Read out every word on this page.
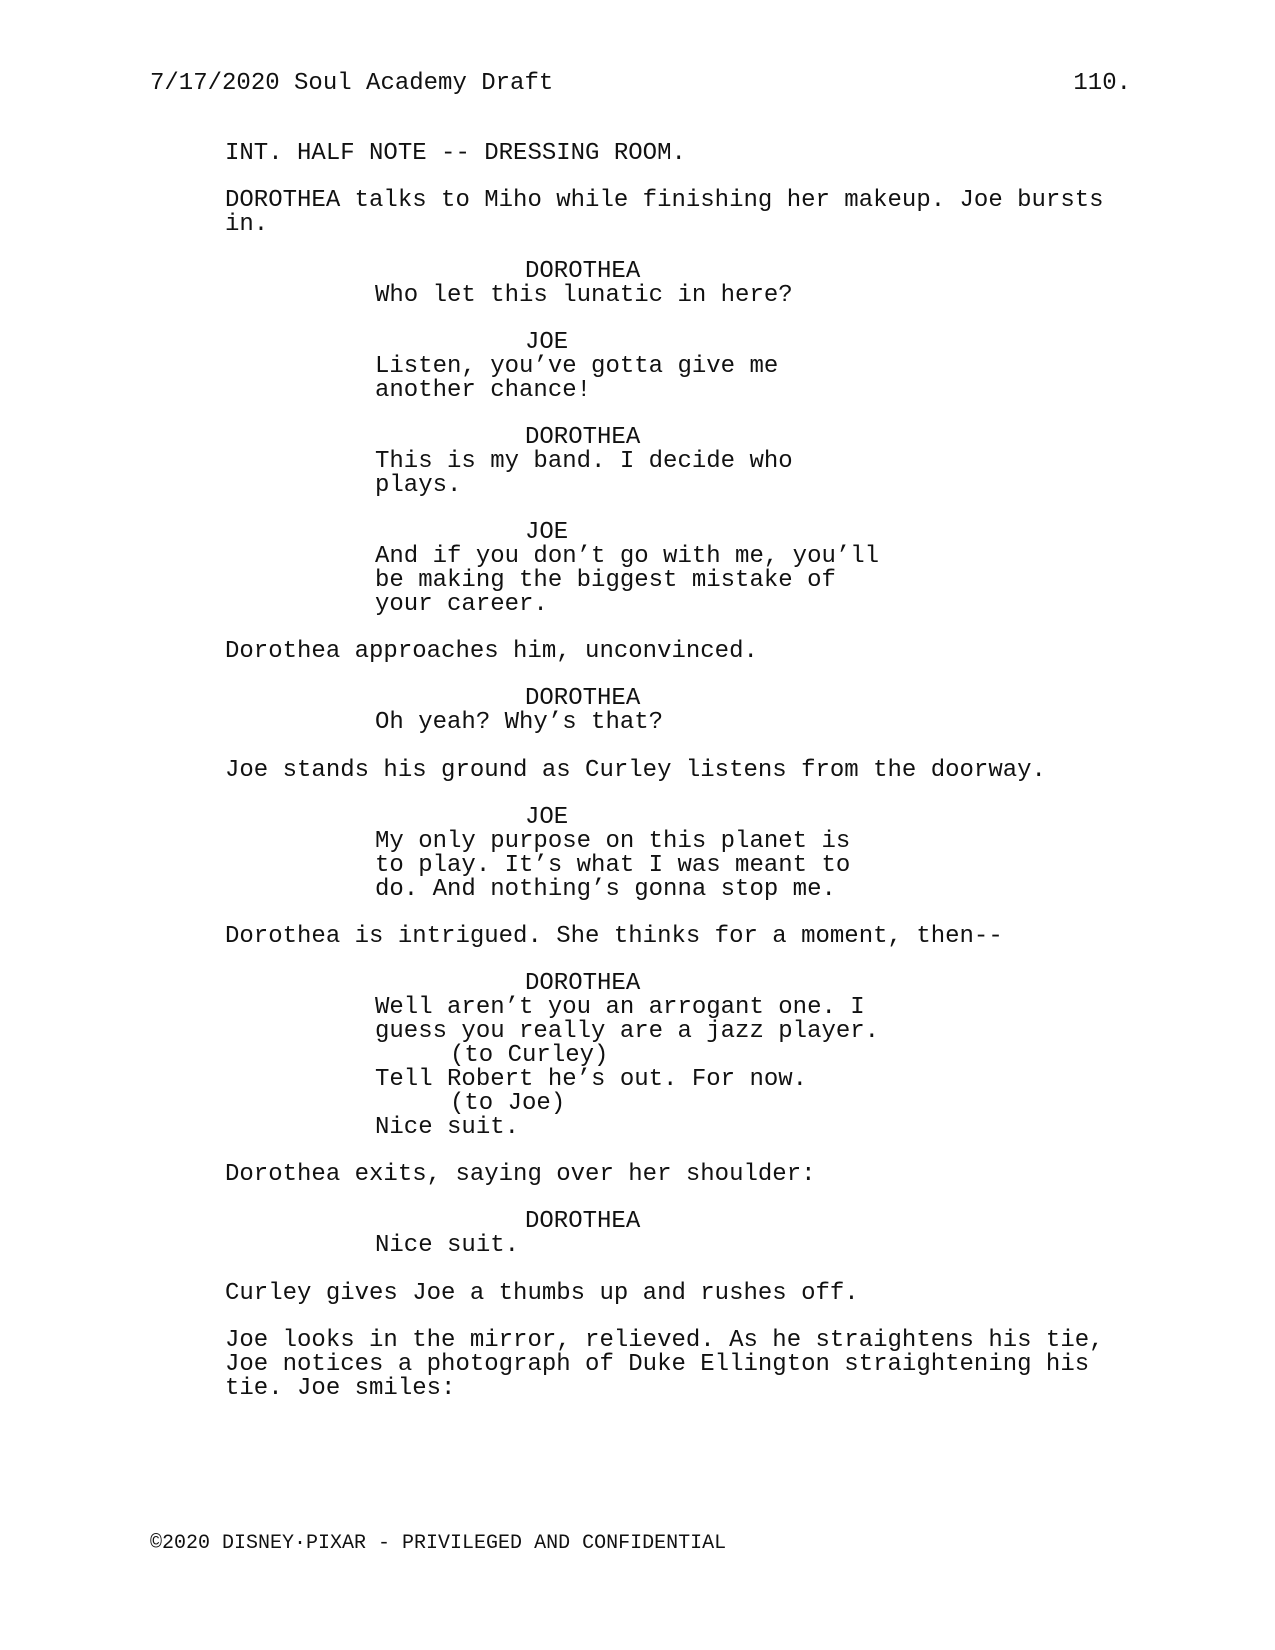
7/17/2020 Soul Academy Draft	110.
INT. HALF NOTE -- DRESSING ROOM.
DOROTHEA talks to Miho while finishing her makeup. Joe bursts
in.
DOROTHEA
Who let this lunatic in here?
JOE
Listen, you’ve gotta give me
another chance!
DOROTHEA
This is my band. I decide who
plays.
JOE
And if you don’t go with me, you’ll
be making the biggest mistake of
your career.
Dorothea approaches him, unconvinced.
DOROTHEA
Oh yeah? Why’s that?
Joe stands his ground as Curley listens from the doorway.
JOE
My only purpose on this planet is
to play. It’s what I was meant to
do. And nothing’s gonna stop me.
Dorothea is intrigued. She thinks for a moment, then--
DOROTHEA
Well aren’t you an arrogant one. I
guess you really are a jazz player.
(to Curley)
Tell Robert he’s out. For now.
(to Joe)
Nice suit.
Dorothea exits, saying over her shoulder:
DOROTHEA
Nice suit.
Curley gives Joe a thumbs up and rushes off.
Joe looks in the mirror, relieved. As he straightens his tie,
Joe notices a photograph of Duke Ellington straightening his
tie. Joe smiles:
©2020 DISNEY·PIXAR - PRIVILEGED AND CONFIDENTIAL
